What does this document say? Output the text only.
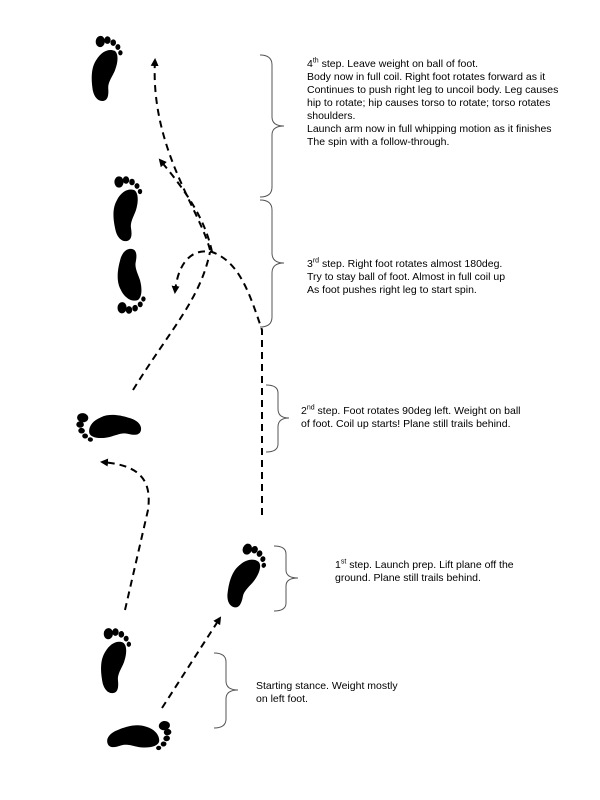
4th step. Leave weight on ball of foot.
Body now in full coil. Right foot rotates forward as it
Continues to push right leg to uncoil body. Leg causes
hip to rotate; hip causes torso to rotate; torso rotates
shoulders.
Launch arm now in full whipping motion as it finishes
The spin with a follow-through.
3rd step. Right foot rotates almost 180deg.
Try to stay ball of foot. Almost in full coil up
As foot pushes right leg to start spin.
2nd step. Foot rotates 90deg left. Weight on ball
of foot. Coil up starts! Plane still trails behind.
1st step. Launch prep. Lift plane off the
ground. Plane still trails behind.
Starting stance. Weight mostly
on left foot.
